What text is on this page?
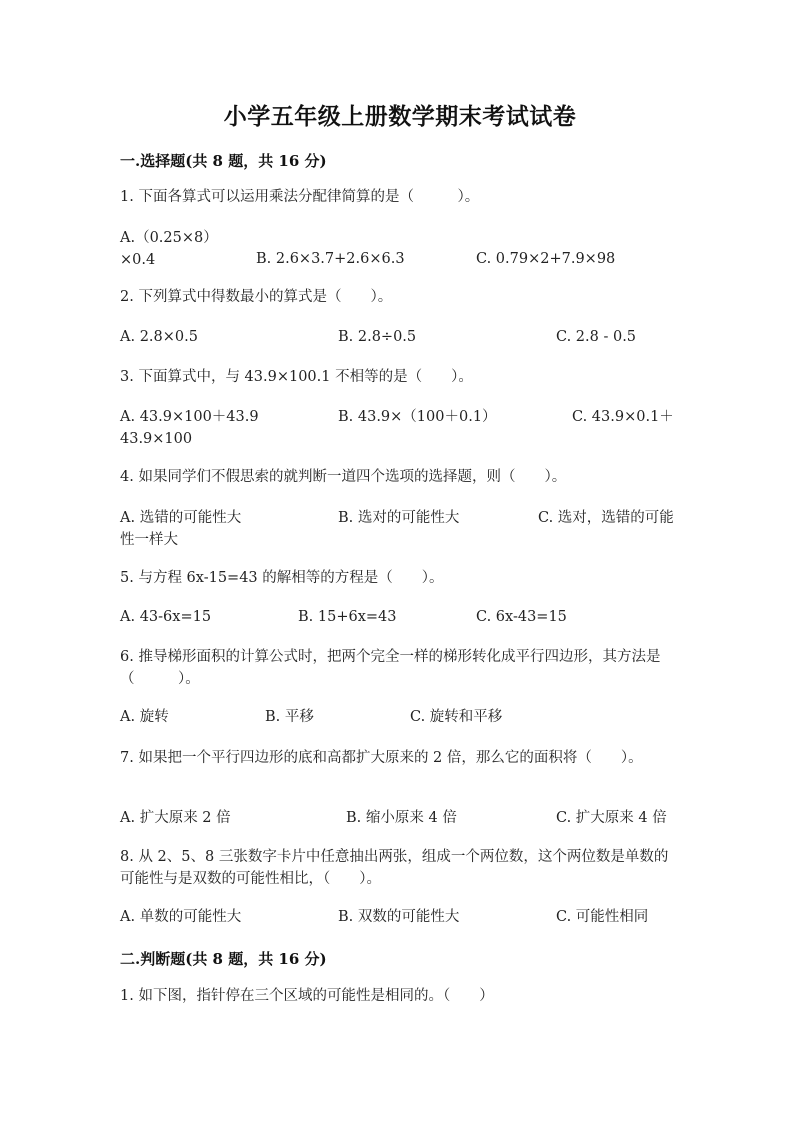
小学五年级上册数学期末考试试卷
一.选择题(共 8 题，共 16 分)
1. 下面各算式可以运用乘法分配律简算的是（　　　）。
A.（0.25×8）×0.4	B. 2.6×3.7+2.6×6.3	C. 0.79×2+7.9×98
2. 下列算式中得数最小的算式是（　　）。
A. 2.8×0.5	B. 2.8÷0.5	C. 2.8 - 0.5
3. 下面算式中，与 43.9×100.1 不相等的是（　　）。
A. 43.9×100＋43.9	B. 43.9×（100＋0.1）	C. 43.9×0.1＋43.9×100
4. 如果同学们不假思索的就判断一道四个选项的选择题，则（　　）。
A. 选错的可能性大	B. 选对的可能性大	C. 选对，选错的可能性一样大
5. 与方程 6x-15=43 的解相等的方程是（　　）。
A. 43-6x=15	B. 15+6x=43	C. 6x-43=15
6. 推导梯形面积的计算公式时，把两个完全一样的梯形转化成平行四边形，其方法是（　　　）。
A. 旋转	B. 平移	C. 旋转和平移
7. 如果把一个平行四边形的底和高都扩大原来的 2 倍，那么它的面积将（　　）。
A. 扩大原来 2 倍	B. 缩小原来 4 倍	C. 扩大原来 4 倍
8. 从 2、5、8 三张数字卡片中任意抽出两张，组成一个两位数，这个两位数是单数的可能性与是双数的可能性相比，（　　）。
A. 单数的可能性大	B. 双数的可能性大	C. 可能性相同
二.判断题(共 8 题，共 16 分)
1. 如下图，指针停在三个区域的可能性是相同的。（　　）
